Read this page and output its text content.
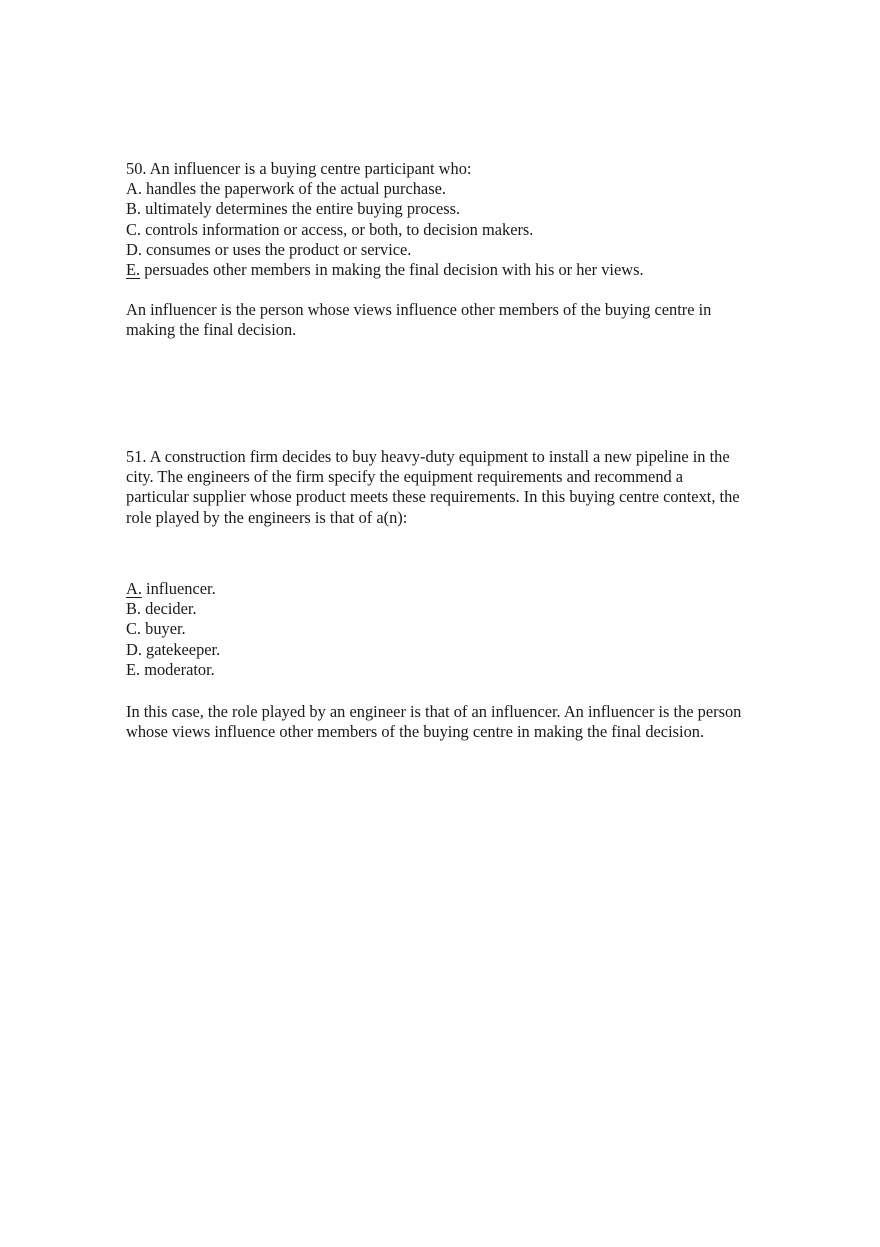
50. An influencer is a buying centre participant who:
A. handles the paperwork of the actual purchase.
B. ultimately determines the entire buying process.
C. controls information or access, or both, to decision makers.
D. consumes or uses the product or service.
E. persuades other members in making the final decision with his or her views.
An influencer is the person whose views influence other members of the buying centre in
making the final decision.
51. A construction firm decides to buy heavy-duty equipment to install a new pipeline in the
city. The engineers of the firm specify the equipment requirements and recommend a
particular supplier whose product meets these requirements. In this buying centre context, the
role played by the engineers is that of a(n):
A. influencer.
B. decider.
C. buyer.
D. gatekeeper.
E. moderator.
In this case, the role played by an engineer is that of an influencer. An influencer is the person
whose views influence other members of the buying centre in making the final decision.
